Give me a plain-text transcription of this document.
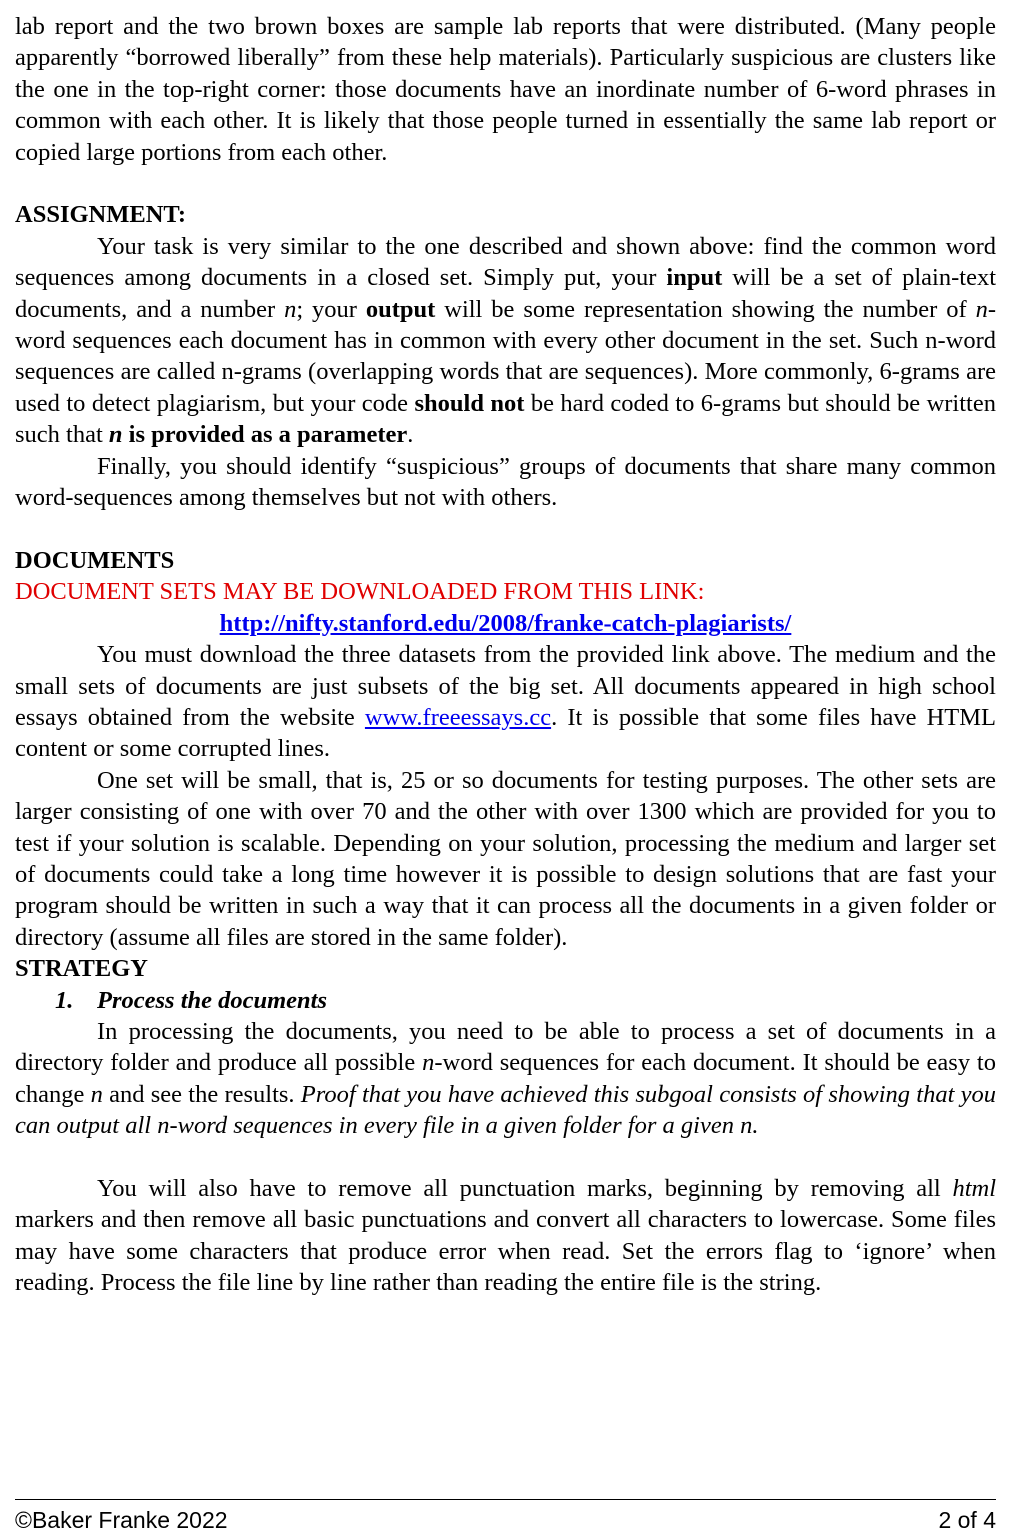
lab report and the two brown boxes are sample lab reports that were distributed. (Many people apparently “borrowed liberally” from these help materials). Particularly suspicious are clusters like the one in the top-right corner: those documents have an inordinate number of 6-word phrases in common with each other. It is likely that those people turned in essentially the same lab report or copied large portions from each other.

ASSIGNMENT:

Your task is very similar to the one described and shown above: find the common word sequences among documents in a closed set. Simply put, your input will be a set of plain-text documents, and a number n; your output will be some representation showing the number of n-word sequences each document has in common with every other document in the set. Such n-word sequences are called n-grams (overlapping words that are sequences). More commonly, 6-grams are used to detect plagiarism, but your code should not be hard coded to 6-grams but should be written such that n is provided as a parameter.

Finally, you should identify “suspicious” groups of documents that share many common word-sequences among themselves but not with others.

DOCUMENTS

DOCUMENT SETS MAY BE DOWNLOADED FROM THIS LINK:

http://nifty.stanford.edu/2008/franke-catch-plagiarists/

You must download the three datasets from the provided link above. The medium and the small sets of documents are just subsets of the big set. All documents appeared in high school essays obtained from the website www.freeessays.cc. It is possible that some files have HTML content or some corrupted lines.

One set will be small, that is, 25 or so documents for testing purposes. The other sets are larger consisting of one with over 70 and the other with over 1300 which are provided for you to test if your solution is scalable. Depending on your solution, processing the medium and larger set of documents could take a long time however it is possible to design solutions that are fast your program should be written in such a way that it can process all the documents in a given folder or directory (assume all files are stored in the same folder).

STRATEGY

1. Process the documents

In processing the documents, you need to be able to process a set of documents in a directory folder and produce all possible n-word sequences for each document. It should be easy to change n and see the results. Proof that you have achieved this subgoal consists of showing that you can output all n-word sequences in every file in a given folder for a given n.

You will also have to remove all punctuation marks, beginning by removing all html markers and then remove all basic punctuations and convert all characters to lowercase. Some files may have some characters that produce error when read. Set the errors flag to ‘ignore’ when reading. Process the file line by line rather than reading the entire file is the string.

©Baker Franke 2022	2 of 4
